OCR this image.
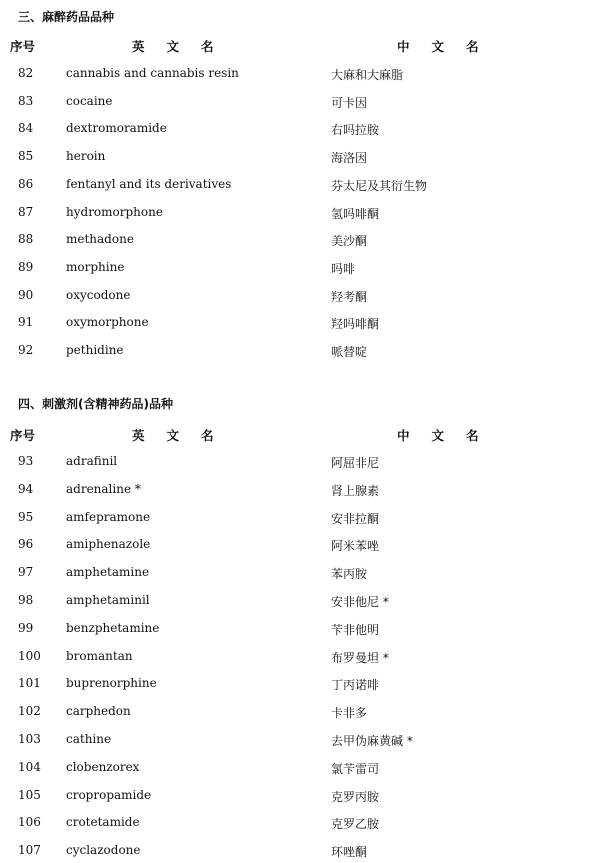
三、麻醉药品品种
序号	英文名	中文名
82	cannabis and cannabis resin	大麻和大麻脂
83	cocaine	可卡因
84	dextromoramide	右吗拉胺
85	heroin	海洛因
86	fentanyl and its derivatives	芬太尼及其衍生物
87	hydromorphone	氢吗啡酮
88	methadone	美沙酮
89	morphine	吗啡
90	oxycodone	羟考酮
91	oxymorphone	羟吗啡酮
92	pethidine	哌替啶
四、刺激剂(含精神药品)品种
序号	英文名	中文名
93	adrafinil	阿屈非尼
94	adrenaline *	肾上腺素
95	amfepramone	安非拉酮
96	amiphenazole	阿米苯唑
97	amphetamine	苯丙胺
98	amphetaminil	安非他尼 *
99	benzphetamine	苄非他明
100 bromantan	布罗曼坦 *
101 buprenorphine	丁丙诺啡
102 carphedon	卡非多
103 cathine	去甲伪麻黄碱 *
104 clobenzorex	氯苄雷司
105 cropropamide	克罗丙胺
106 crotetamide	克罗乙胺
107 cyclazodone	环唑酮
